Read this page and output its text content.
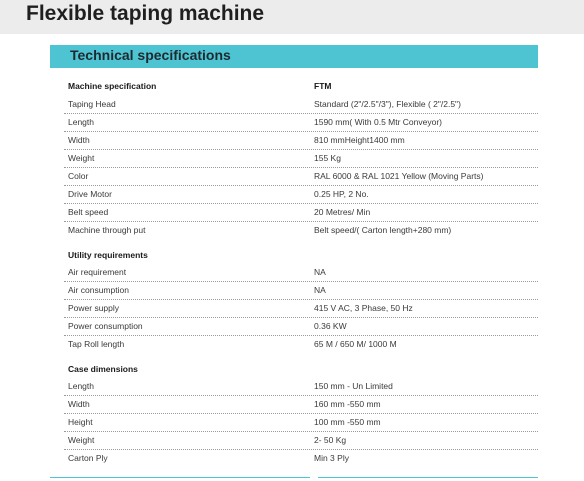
Flexible taping machine
Technical specifications
Machine specification	FTM
Taping Head	Standard (2"/2.5"/3"), Flexible ( 2"/2.5")
Length	1590 mm( With 0.5 Mtr Conveyor)
Width	810 mmHeight1400 mm
Weight	155 Kg
Color	RAL 6000 & RAL 1021 Yellow (Moving Parts)
Drive Motor	0.25 HP, 2 No.
Belt speed	20 Metres/ Min
Machine through put	Belt speed/( Carton length+280 mm)
Utility requirements
Air requirement	NA
Air consumption	NA
Power supply	415 V AC, 3 Phase, 50 Hz
Power consumption	0.36 KW
Tap Roll length	65 M / 650 M/ 1000 M
Case dimensions
Length	150 mm - Un Limited
Width	160 mm -550 mm
Height	100 mm -550 mm
Weight	2- 50 Kg
Carton Ply	Min 3 Ply
